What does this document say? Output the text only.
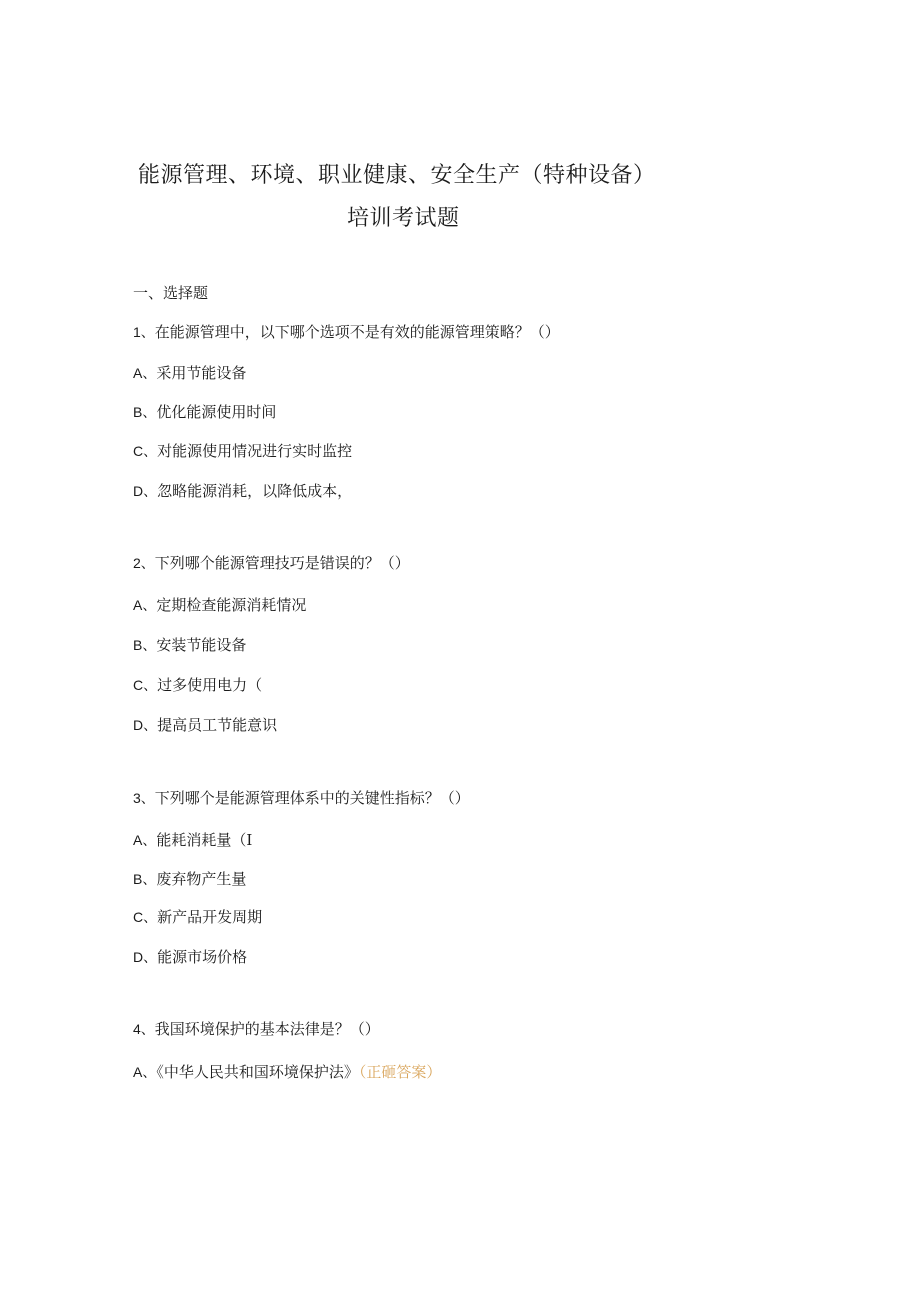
能源管理、环境、职业健康、安全生产（特种设备）
培训考试题
一、选择题
1、在能源管理中，以下哪个选项不是有效的能源管理策略？（）
A、采用节能设备
B、优化能源使用时间
C、对能源使用情况进行实时监控
D、忽略能源消耗，以降低成本，
2、下列哪个能源管理技巧是错误的？（）
A、定期检查能源消耗情况
B、安装节能设备
C、过多使用电力（
D、提高员工节能意识
3、下列哪个是能源管理体系中的关键性指标？（）
A、能耗消耗量（I
B、废弃物产生量
C、新产品开发周期
D、能源市场价格
4、我国环境保护的基本法律是？（）
A、《中华人民共和国环境保护法》（正砸答案）
